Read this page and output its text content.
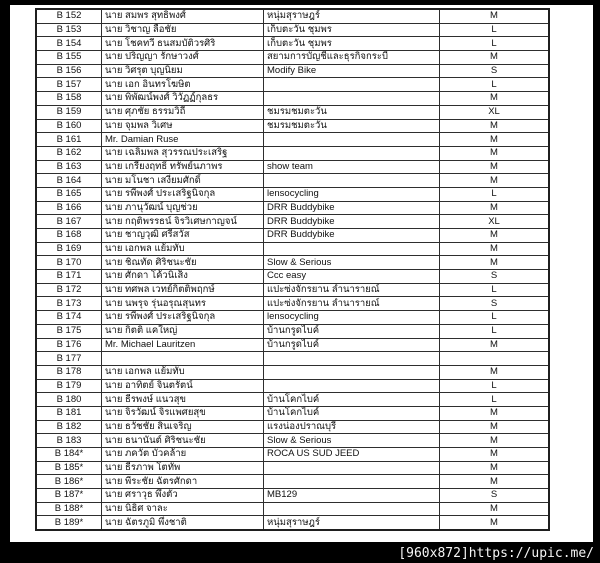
B 152	นาย สมพร สุทธิพงศ์	หนุ่มสุราษฎร์	M
B 153	นาย วิชาญ ลือชัย	เก็บตะวัน ชุมพร	L
B 154	นาย โชคทวี ธนสมบัติวรศิริ	เก็บตะวัน ชุมพร	L
B 155	นาย ปริญญา รักษาวงศ์	สยามการบัญชีและธุรกิจกระบี่	M
B 156	นาย วิศรุต บุญนิยม	Modify Bike	S
B 157	นาย เอก อินทรโฆษิต		L
B 158	นาย พิพัฒน์พงศ์ วิวัฏฏ์กุลธร		M
B 159	นาย ศุภชัย ธรรมวิถี	ชมรมชมตะวัน	XL
B 160	นาย จุมพล วิเศษ	ชมรมชมตะวัน	M
B 161	Mr. Damian Ruse		M
B 162	นาย เฉลิมพล สุวรรณประเสริฐ		M
B 163	นาย เกรียงฤทธิ์ ทรัพย์นภาพร	show team	M
B 164	นาย มโนชา เสงี่ยมศักดิ์		M
B 165	นาย รพีพงศ์ ประเสริฐนิจกุล	lensocycling	L
B 166	นาย ภานุวัฒน์ บุญช่วย	DRR Buddybike	M
B 167	นาย กฤติพรรธน์ จิรวิเศษกาญจน์	DRR Buddybike	XL
B 168	นาย ชาญวุฒิ ศรีสวัส	DRR Buddybike	M
B 169	นาย เอกพล แย้มทับ		M
B 170	นาย ชิณทัด ศิริชนะชัย	Slow & Serious	M
B 171	นาย ศักดา โค้วนิเส็ง	Ccc easy	S
B 172	นาย ทศพล เวทย์กิตติพฤกษ์	แปะซ่งจักรยาน ลำนารายณ์	L
B 173	นาย นพรุจ รุ่นอรุณสุนทร	แปะซ่งจักรยาน ลำนารายณ์	S
B 174	นาย รพีพงศ์ ประเสริฐนิจกุล	lensocycling	L
B 175	นาย กิตติ แคใหญ่	บ้านกรูดไบค์	L
B 176	Mr. Michael Lauritzen	บ้านกรูดไบค์	M
B 177			
B 178	นาย เอกพล แย้มทับ		M
B 179	นาย อาทิตย์ จินตรัตน์		L
B 180	นาย ธีรพงษ์ แนวสุข	บ้านโคกไบค์	L
B 181	นาย จิรวัฒน์ จิรแพศยสุข	บ้านโคกไบค์	M
B 182	นาย ธวัชชัย สินเจริญ	แรงน่องปราณบุรี	M
B 183	นาย ธนานันต์ ศิริชนะชัย	Slow & Serious	M
B 184*	นาย ภควัต บัวคล้าย	ROCA US SUD JEED	M
B 185*	นาย ธีรภาพ โตทัพ		M
B 186*	นาย พีระชัย ฉัตรศักดา		M
B 187*	นาย ศราวุธ พึ่งตัว	MB129	S
B 188*	นาย นิธิศ จาละ		M
B 189*	นาย ฉัตรภูมิ พึ่งชาติ	หนุ่มสุราษฎร์	M
[960x872]https://upic.me/
